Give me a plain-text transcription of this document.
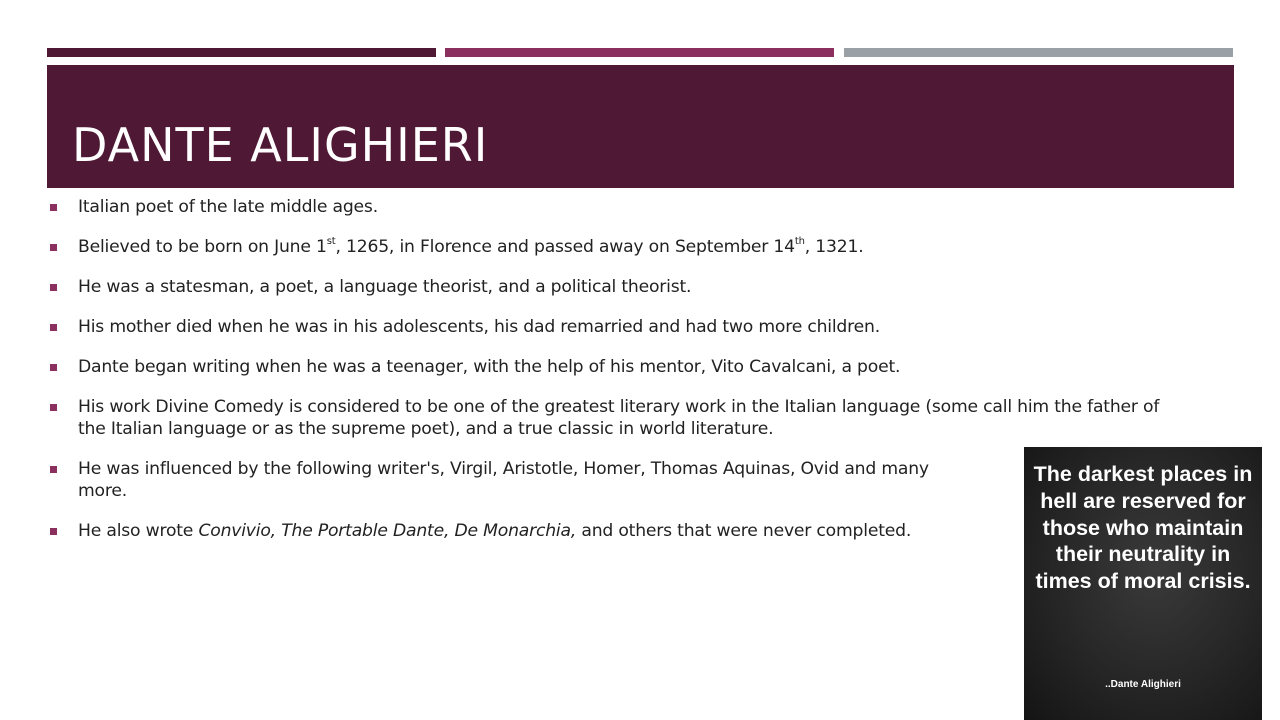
DANTE ALIGHIERI
Italian poet of the late middle ages.
Believed to be born on June 1st, 1265, in Florence and passed away on September 14th, 1321.
He was a statesman, a poet, a language theorist, and a political theorist.
His mother died when he was in his adolescents, his dad remarried and had two more children.
Dante began writing when he was a teenager, with the help of his mentor, Vito Cavalcani, a poet.
His work Divine Comedy is considered to be one of the greatest literary work in the Italian language (some call him the father of the Italian language or as the supreme poet), and a true classic in world literature.
He was influenced by the following writer's, Virgil, Aristotle, Homer, Thomas Aquinas, Ovid and many more.
He also wrote Convivio, The Portable Dante, De Monarchia, and others that were never completed.
The darkest places in hell are reserved for those who maintain their neutrality in times of moral crisis.
..Dante Alighieri
